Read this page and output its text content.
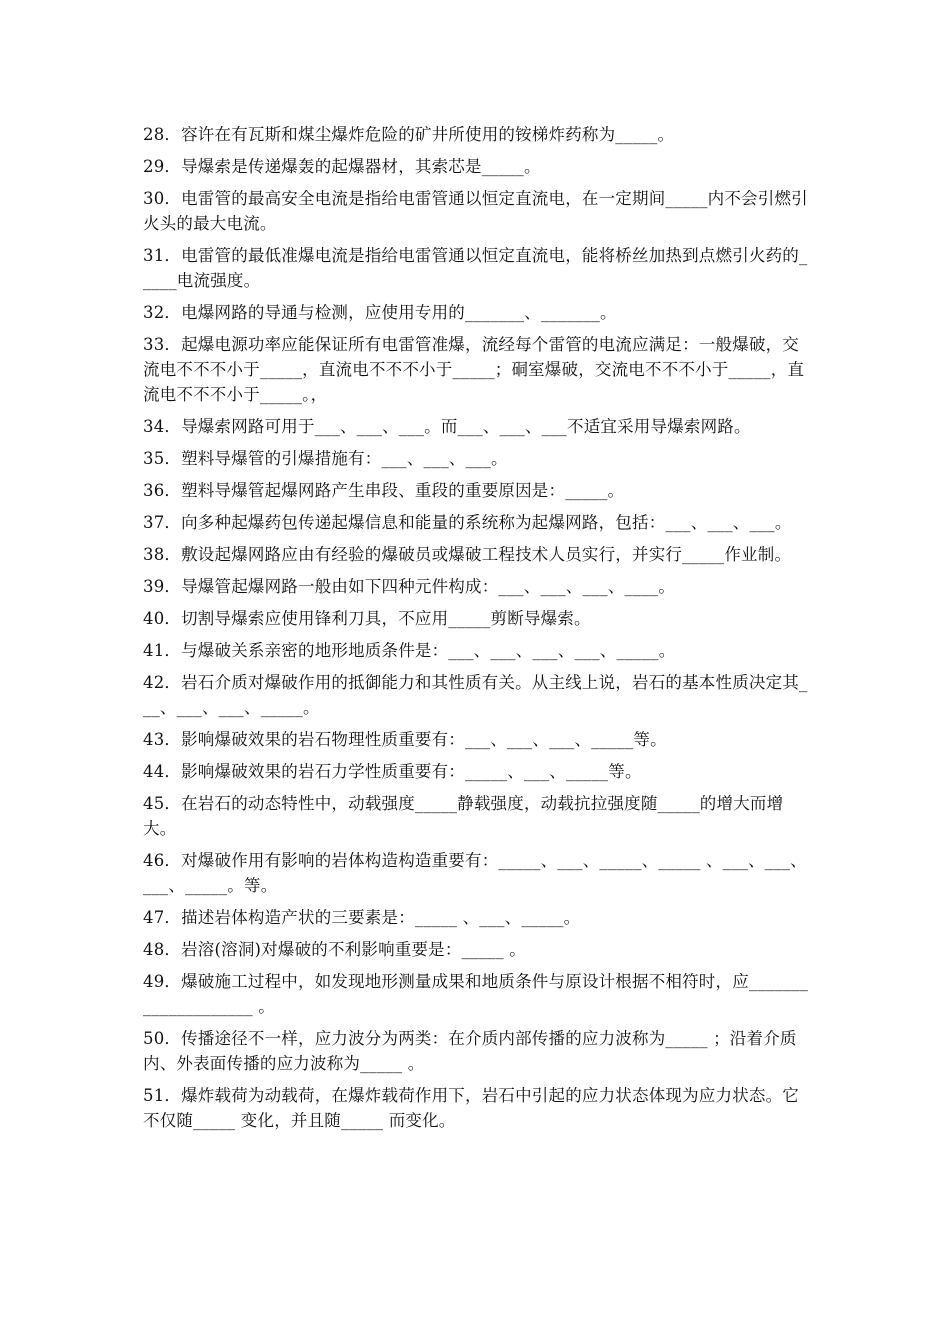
28．容许在有瓦斯和煤尘爆炸危险的矿井所使用的铵梯炸药称为_____。

29．导爆索是传递爆轰的起爆器材，其索芯是_____。

30．电雷管的最高安全电流是指给电雷管通以恒定直流电，在一定期间_____内不会引燃引火头的最大电流。

31．电雷管的最低准爆电流是指给电雷管通以恒定直流电，能将桥丝加热到点燃引火药的_____电流强度。

32．电爆网路的导通与检测，应使用专用的_______、_______。

33．起爆电源功率应能保证所有电雷管准爆，流经每个雷管的电流应满足：一般爆破，交流电不不不小于_____，直流电不不不小于_____；硐室爆破，交流电不不不小于_____，直流电不不不小于_____。，

34．导爆索网路可用于___、___、___。而___、___、___不适宜采用导爆索网路。

35．塑料导爆管的引爆措施有：___、___、___。

36．塑料导爆管起爆网路产生串段、重段的重要原因是：_____。

37．向多种起爆药包传递起爆信息和能量的系统称为起爆网路，包括：___、___、___。

38．敷设起爆网路应由有经验的爆破员或爆破工程技术人员实行，并实行_____作业制。

39．导爆管起爆网路一般由如下四种元件构成：___、___、___、____。

40．切割导爆索应使用锋利刀具，不应用_____剪断导爆索。

41．与爆破关系亲密的地形地质条件是：___、___、___、___、_____。

42．岩石介质对爆破作用的抵御能力和其性质有关。从主线上说，岩石的基本性质决定其___、___、___、_____。

43．影响爆破效果的岩石物理性质重要有：___、___、___、_____等。

44．影响爆破效果的岩石力学性质重要有：_____、___、_____等。

45．在岩石的动态特性中，动载强度_____静载强度，动载抗拉强度随_____的增大而增大。

46．对爆破作用有影响的岩体构造构造重要有：_____、___、_____、_____ 、___、___、___、_____。等。

47．描述岩体构造产状的三要素是：_____ 、___、_____。

48．岩溶(溶洞)对爆破的不利影响重要是：_____ 。

49．爆破施工过程中，如发现地形测量成果和地质条件与原设计根据不相符时，应____________________ 。

50．传播途径不一样，应力波分为两类：在介质内部传播的应力波称为_____ ；沿着介质内、外表面传播的应力波称为_____ 。

51．爆炸载荷为动载荷，在爆炸载荷作用下，岩石中引起的应力状态体现为应力状态。它不仅随_____ 变化，并且随_____ 而变化。
